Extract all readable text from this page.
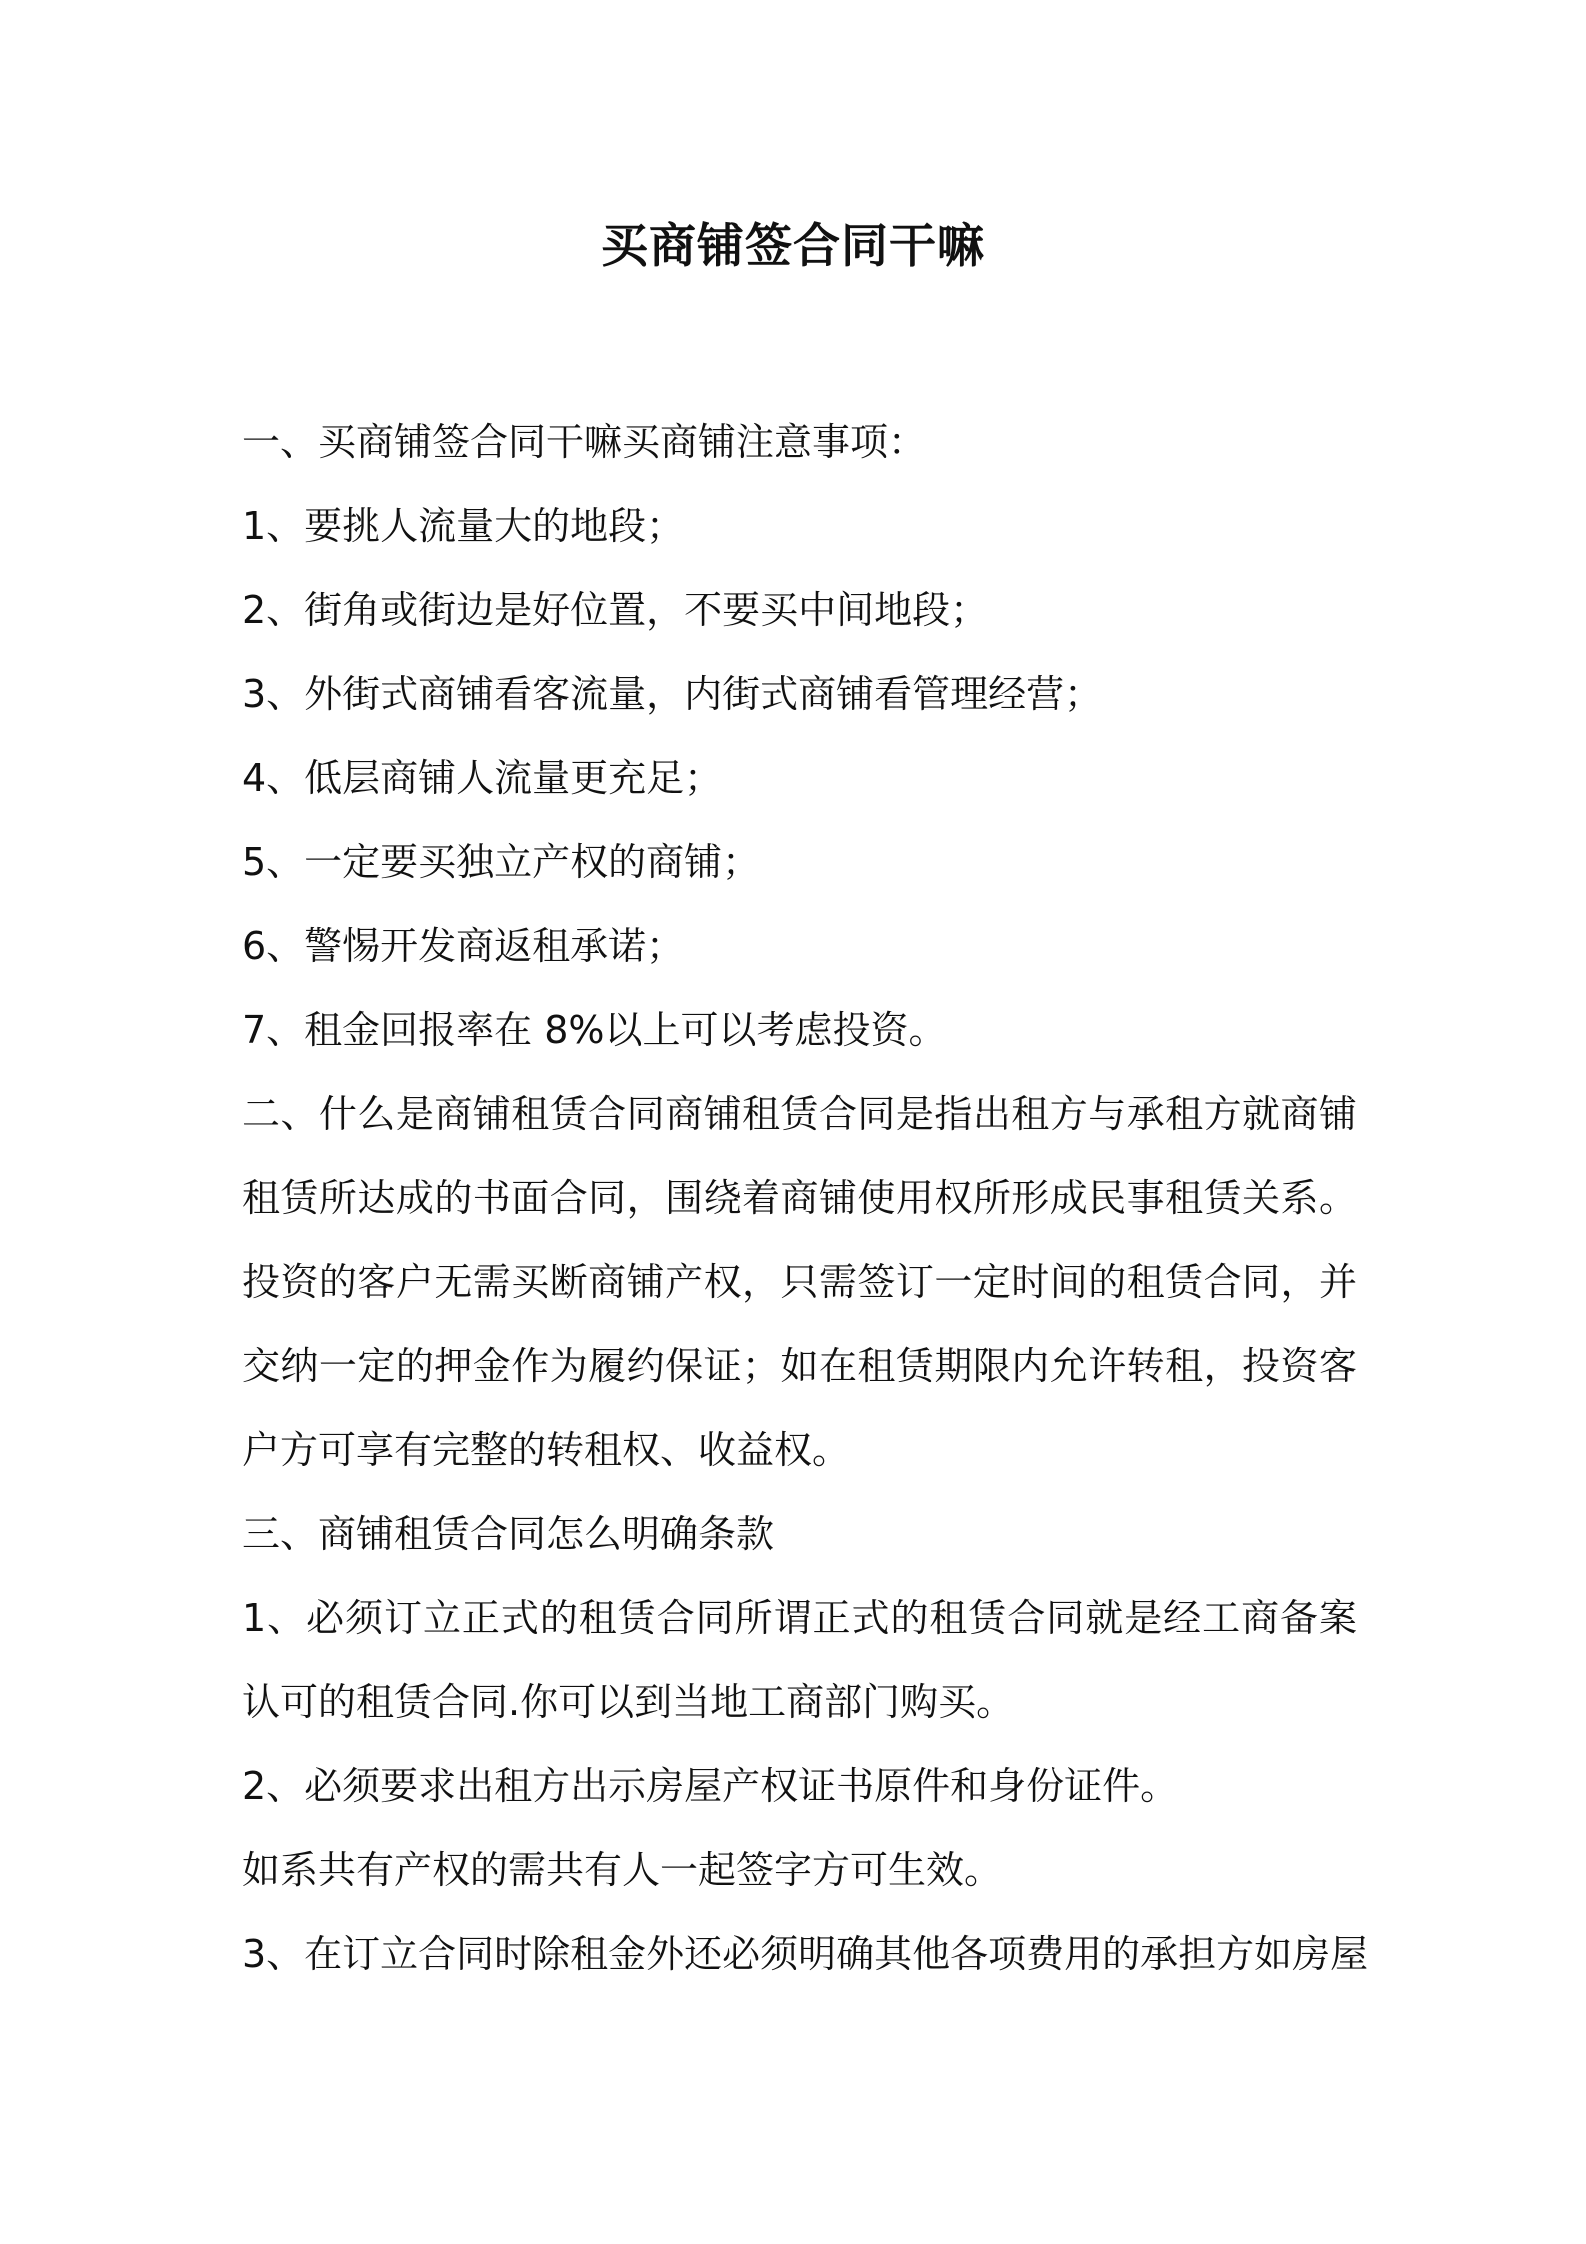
买商铺签合同干嘛

一、买商铺签合同干嘛买商铺注意事项：

1、要挑人流量大的地段；

2、街角或街边是好位置，不要买中间地段；

3、外街式商铺看客流量，内街式商铺看管理经营；

4、低层商铺人流量更充足；

5、一定要买独立产权的商铺；

6、警惕开发商返租承诺；

7、租金回报率在 8%以上可以考虑投资。

二、什么是商铺租赁合同商铺租赁合同是指出租方与承租方就商铺租赁所达成的书面合同，围绕着商铺使用权所形成民事租赁关系。投资的客户无需买断商铺产权，只需签订一定时间的租赁合同，并交纳一定的押金作为履约保证；如在租赁期限内允许转租，投资客户方可享有完整的转租权、收益权。

三、商铺租赁合同怎么明确条款

1、必须订立正式的租赁合同所谓正式的租赁合同就是经工商备案认可的租赁合同.你可以到当地工商部门购买。

2、必须要求出租方出示房屋产权证书原件和身份证件。

如系共有产权的需共有人一起签字方可生效。

3、在订立合同时除租金外还必须明确其他各项费用的承担方如房屋
